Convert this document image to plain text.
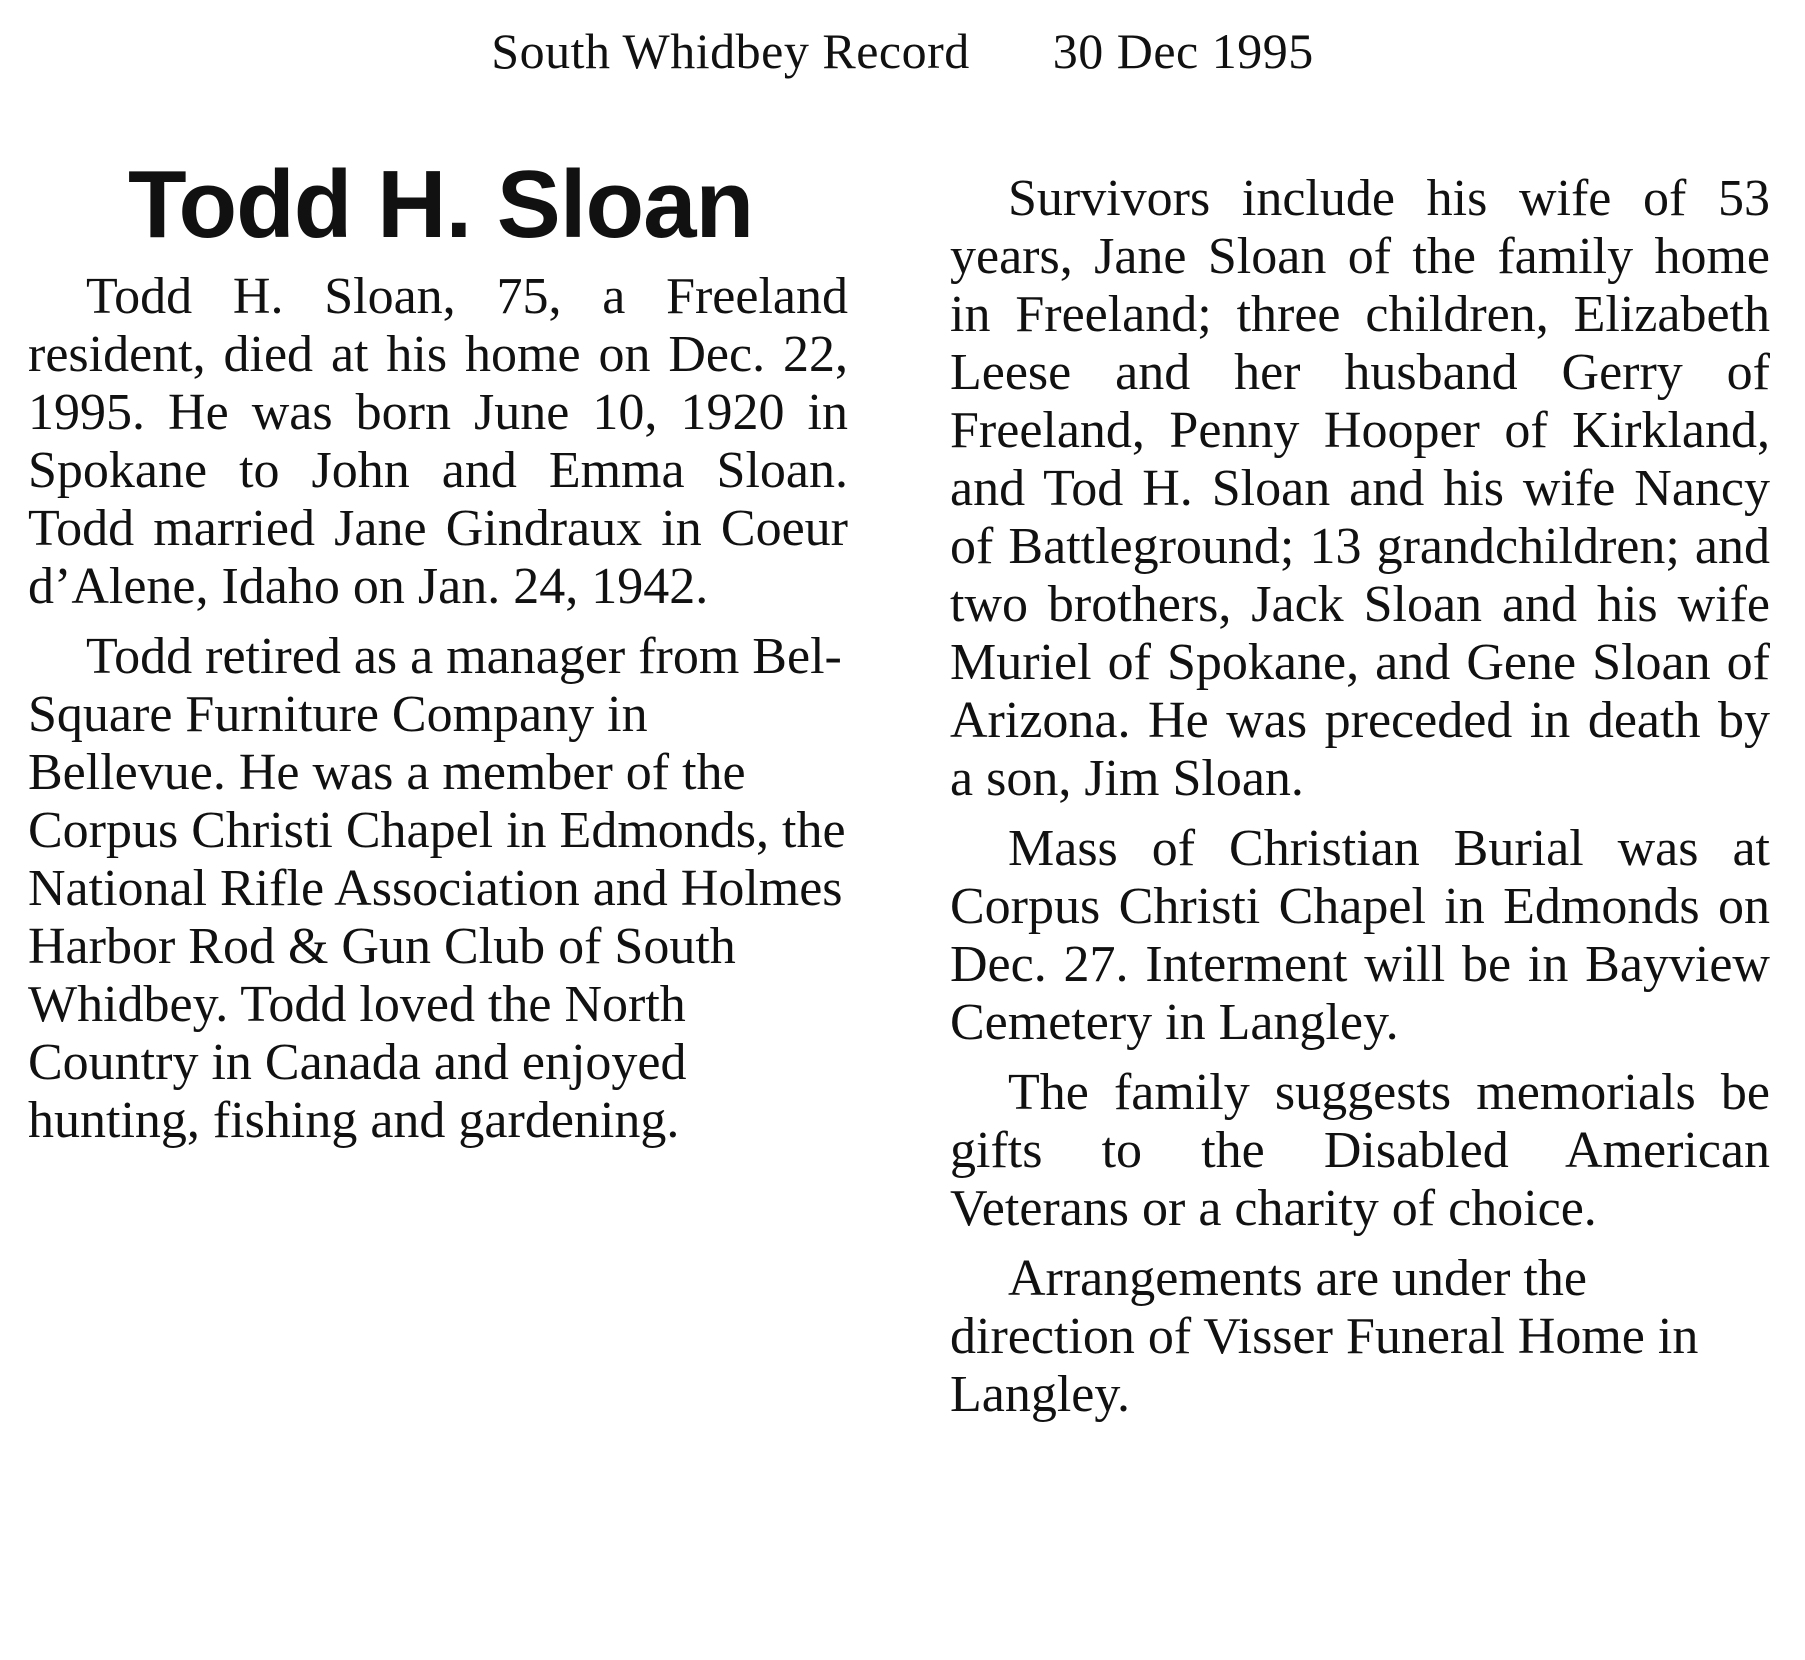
South Whidbey Record 30 Dec 1995
Todd H. Sloan

Todd H. Sloan, 75, a Freeland resident, died at his home on Dec. 22, 1995. He was born June 10, 1920 in Spokane to John and Emma Sloan. Todd married Jane Gindraux in Coeur d’Alene, Idaho on Jan. 24, 1942.

Todd retired as a manager from Bel-Square Furniture Company in Bellevue. He was a member of the Corpus Christi Chapel in Edmonds, the National Rifle Association and Holmes Harbor Rod & Gun Club of South Whidbey. Todd loved the North Country in Canada and enjoyed hunting, fishing and gardening.

Survivors include his wife of 53 years, Jane Sloan of the family home in Freeland; three children, Elizabeth Leese and her husband Gerry of Freeland, Penny Hooper of Kirkland, and Tod H. Sloan and his wife Nancy of Battleground; 13 grandchildren; and two brothers, Jack Sloan and his wife Muriel of Spokane, and Gene Sloan of Arizona. He was preceded in death by a son, Jim Sloan.

Mass of Christian Burial was at Corpus Christi Chapel in Edmonds on Dec. 27. Interment will be in Bayview Cemetery in Langley.

The family suggests memorials be gifts to the Disabled American Veterans or a charity of choice.

Arrangements are under the direction of Visser Funeral Home in Langley.
